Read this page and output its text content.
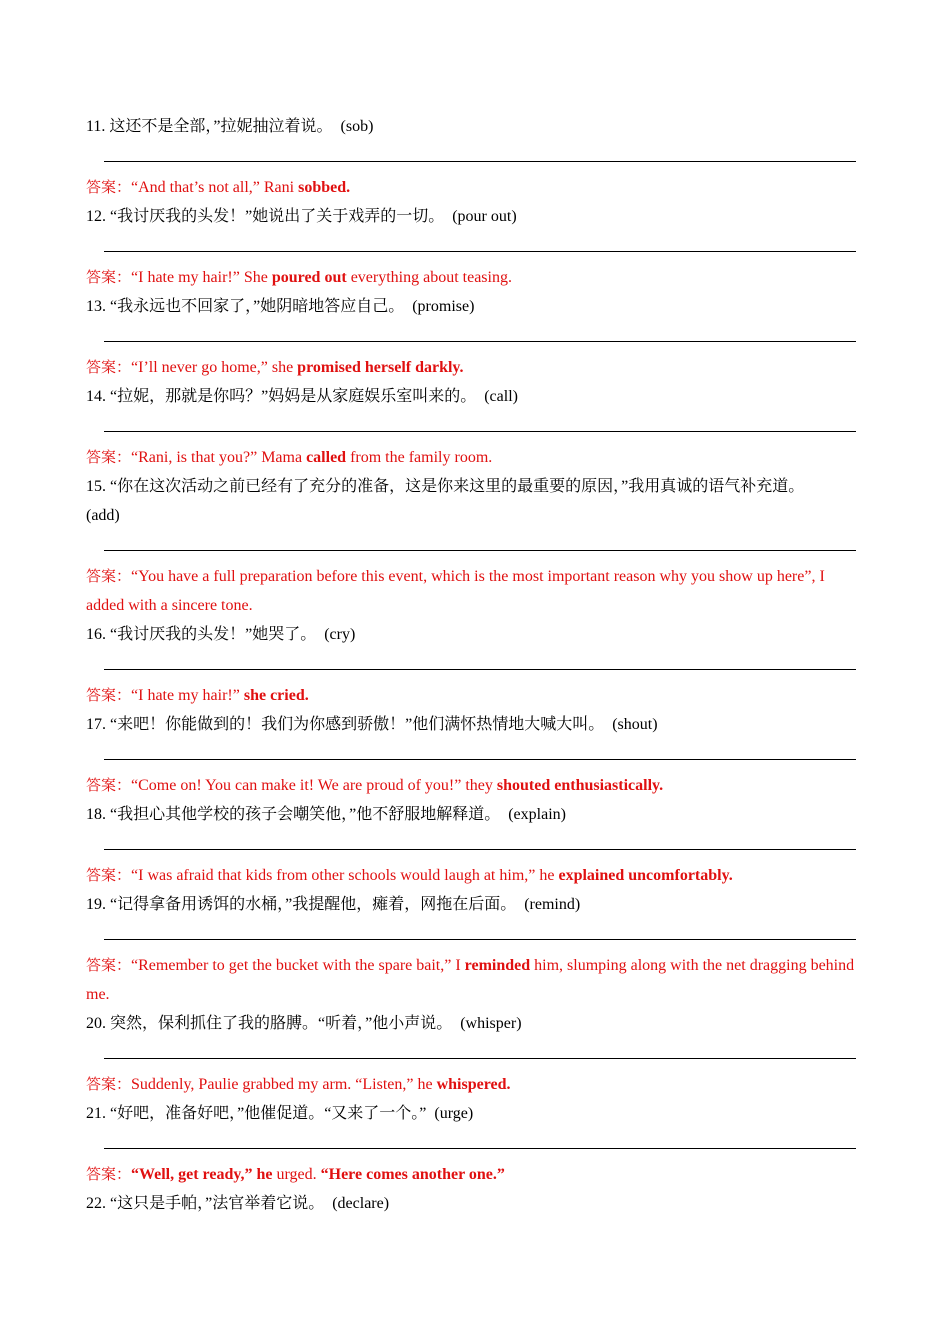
11. 这还不是全部，”拉妮抽泣着说。 (sob)
答案：“And that’s not all,” Rani sobbed.
12. “我讨厌我的头发！”她说出了关于戏弄的一切。 (pour out)
答案：“I hate my hair!” She poured out everything about teasing.
13. “我永远也不回家了，”她阴暗地答应自己。 (promise)
答案：“I’ll never go home,” she promised herself darkly.
14. “拉妮，那就是你吗？”妈妈是从家庭娱乐室叫来的。 (call)
答案：“Rani, is that you?” Mama called from the family room.
15. “你在这次活动之前已经有了充分的准备，这是你来这里的最重要的原因，”我用真诚的语气补充道。
(add)
答案：“You have a full preparation before this event, which is the most important reason why you show up here”, I added with a sincere tone.
16. “我讨厌我的头发！”她哭了。 (cry)
答案：“I hate my hair!” she cried.
17. “来吧！你能做到的！我们为你感到骄傲！”他们满怀热情地大喊大叫。 (shout)
答案：“Come on! You can make it! We are proud of you!” they shouted enthusiastically.
18. “我担心其他学校的孩子会嘲笑他，”他不舒服地解释道。 (explain)
答案：“I was afraid that kids from other schools would laugh at him,” he explained uncomfortably.
19. “记得拿备用诱饵的水桶，”我提醒他，瘫着，网拖在后面。 (remind)
答案：“Remember to get the bucket with the spare bait,” I reminded him, slumping along with the net dragging behind me.
20. 突然，保利抓住了我的胳膊。“听着，”他小声说。 (whisper)
答案：Suddenly, Paulie grabbed my arm. “Listen,” he whispered.
21. “好吧，准备好吧，”他催促道。“又来了一个。” (urge)
答案：“Well, get ready,” he urged. “Here comes another one.”
22. “这只是手帕，”法官举着它说。 (declare)
